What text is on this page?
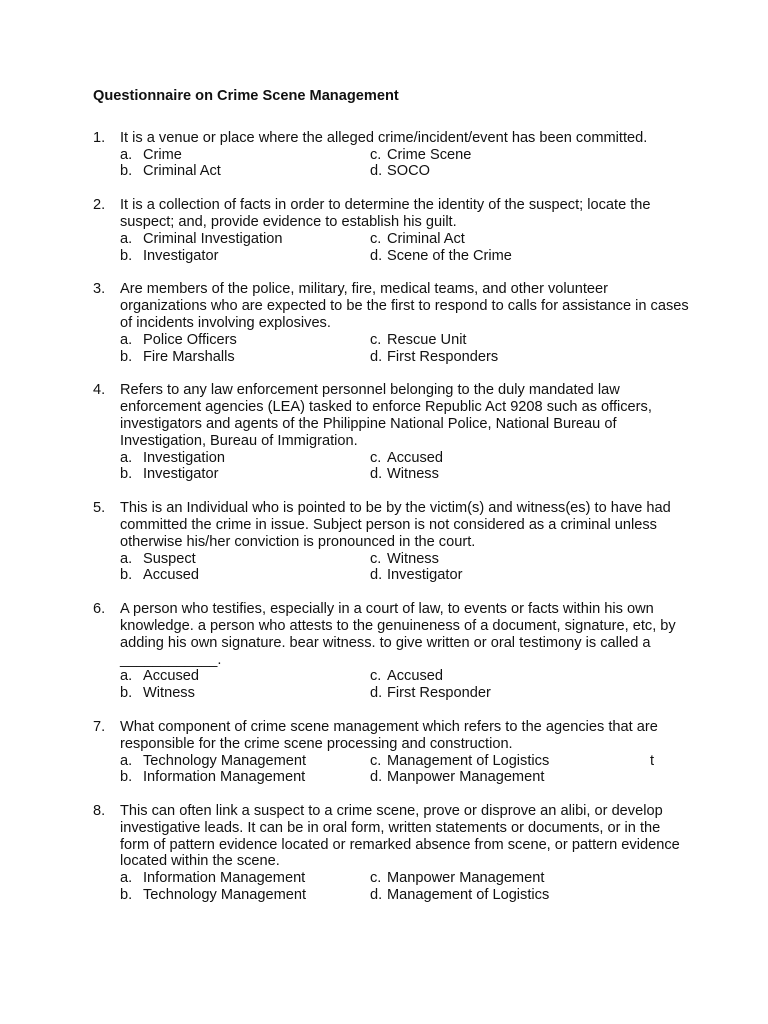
Questionnaire on Crime Scene Management
1. It is a venue or place where the alleged crime/incident/event has been committed.
a. Crime	c. Crime Scene
b. Criminal Act	d. SOCO
2. It is a collection of facts in order to determine the identity of the suspect; locate the suspect; and, provide evidence to establish his guilt.
a. Criminal Investigation	c. Criminal Act
b. Investigator	d. Scene of the Crime
3. Are members of the police, military, fire, medical teams, and other volunteer organizations who are expected to be the first to respond to calls for assistance in cases of incidents involving explosives.
a. Police Officers	c. Rescue Unit
b. Fire Marshalls	d. First Responders
4. Refers to any law enforcement personnel belonging to the duly mandated law enforcement agencies (LEA) tasked to enforce Republic Act 9208 such as officers, investigators and agents of the Philippine National Police, National Bureau of Investigation, Bureau of Immigration.
a. Investigation	c. Accused
b. Investigator	d. Witness
5. This is an Individual who is pointed to be by the victim(s) and witness(es) to have had committed the crime in issue. Subject person is not considered as a criminal unless otherwise his/her conviction is pronounced in the court.
a. Suspect	c. Witness
b. Accused	d. Investigator
6. A person who testifies, especially in a court of law, to events or facts within his own knowledge. a person who attests to the genuineness of a document, signature, etc, by adding his own signature. bear witness. to give written or oral testimony is called a ____________.
a. Accused	c. Accused
b. Witness	d. First Responder
7. What component of crime scene management which refers to the agencies that are responsible for the crime scene processing and construction.
a. Technology Management	c. Management of Logistics	t
b. Information Management	d. Manpower Management
8. This can often link a suspect to a crime scene, prove or disprove an alibi, or develop investigative leads. It can be in oral form, written statements or documents, or in the form of pattern evidence located or remarked absence from scene, or pattern evidence located within the scene.
a. Information Management	c. Manpower Management
b. Technology Management	d. Management of Logistics
